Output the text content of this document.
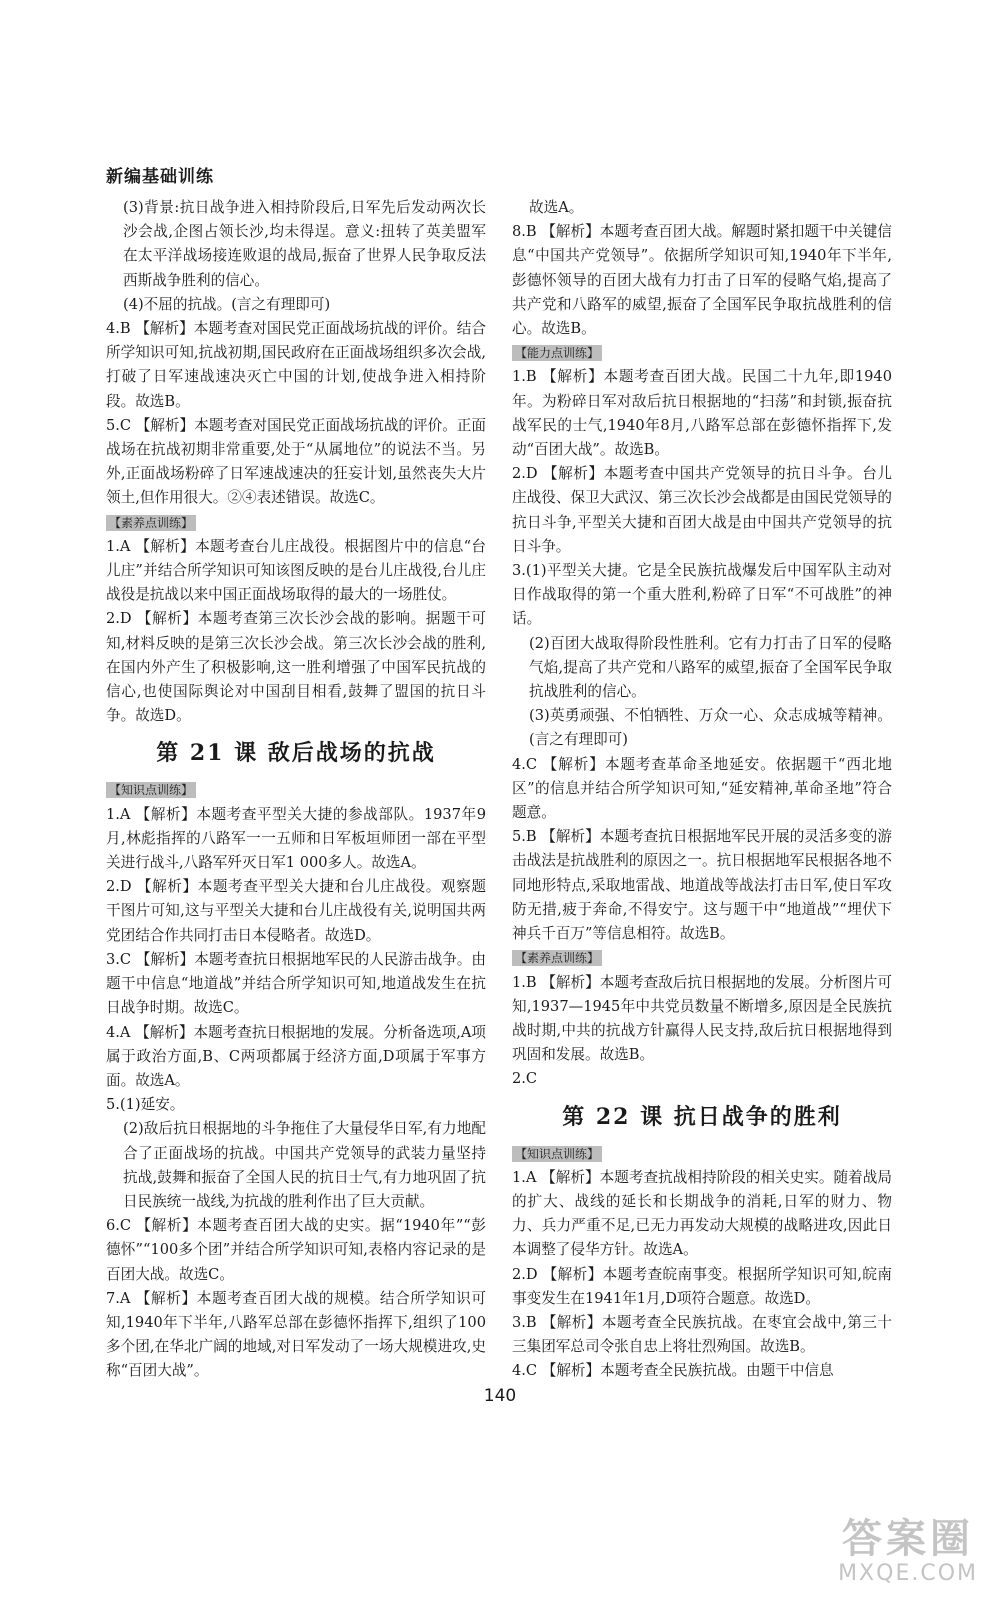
新编基础训练

(3)背景:抗日战争进入相持阶段后,日军先后发动两次长沙会战,企图占领长沙,均未得逞。意义:扭转了英美盟军在太平洋战场接连败退的战局,振奋了世界人民争取反法西斯战争胜利的信心。

(4)不屈的抗战。(言之有理即可)

4.B 【解析】本题考查对国民党正面战场抗战的评价。结合所学知识可知,抗战初期,国民政府在正面战场组织多次会战,打破了日军速战速决灭亡中国的计划,使战争进入相持阶段。故选B。

5.C 【解析】本题考查对国民党正面战场抗战的评价。正面战场在抗战初期非常重要,处于“从属地位”的说法不当。另外,正面战场粉碎了日军速战速决的狂妄计划,虽然丧失大片领土,但作用很大。②④表述错误。故选C。

【素养点训练】

1.A 【解析】本题考查台儿庄战役。根据图片中的信息“台儿庄”并结合所学知识可知该图反映的是台儿庄战役,台儿庄战役是抗战以来中国正面战场取得的最大的一场胜仗。

2.D 【解析】本题考查第三次长沙会战的影响。据题干可知,材料反映的是第三次长沙会战。第三次长沙会战的胜利,在国内外产生了积极影响,这一胜利增强了中国军民抗战的信心,也使国际舆论对中国刮目相看,鼓舞了盟国的抗日斗争。故选D。

第 21 课 敌后战场的抗战
【知识点训练】

1.A 【解析】本题考查平型关大捷的参战部队。1937年9月,林彪指挥的八路军一一五师和日军板垣师团一部在平型关进行战斗,八路军歼灭日军1 000多人。故选A。

2.D 【解析】本题考查平型关大捷和台儿庄战役。观察题干图片可知,这与平型关大捷和台儿庄战役有关,说明国共两党团结合作共同打击日本侵略者。故选D。

3.C 【解析】本题考查抗日根据地军民的人民游击战争。由题干中信息“地道战”并结合所学知识可知,地道战发生在抗日战争时期。故选C。

4.A 【解析】本题考查抗日根据地的发展。分析备选项,A项属于政治方面,B、C两项都属于经济方面,D项属于军事方面。故选A。

5.(1)延安。

(2)敌后抗日根据地的斗争拖住了大量侵华日军,有力地配合了正面战场的抗战。中国共产党领导的武装力量坚持抗战,鼓舞和振奋了全国人民的抗日士气,有力地巩固了抗日民族统一战线,为抗战的胜利作出了巨大贡献。

6.C 【解析】本题考查百团大战的史实。据“1940年”“彭德怀”“100多个团”并结合所学知识可知,表格内容记录的是百团大战。故选C。

7.A 【解析】本题考查百团大战的规模。结合所学知识可知,1940年下半年,八路军总部在彭德怀指挥下,组织了100多个团,在华北广阔的地域,对日军发动了一场大规模进攻,史称“百团大战”。

故选A。

8.B 【解析】本题考查百团大战。解题时紧扣题干中关键信息“中国共产党领导”。依据所学知识可知,1940年下半年,彭德怀领导的百团大战有力打击了日军的侵略气焰,提高了共产党和八路军的威望,振奋了全国军民争取抗战胜利的信心。故选B。

【能力点训练】

1.B 【解析】本题考查百团大战。民国二十九年,即1940年。为粉碎日军对敌后抗日根据地的“扫荡”和封锁,振奋抗战军民的士气,1940年8月,八路军总部在彭德怀指挥下,发动“百团大战”。故选B。

2.D 【解析】本题考查中国共产党领导的抗日斗争。台儿庄战役、保卫大武汉、第三次长沙会战都是由国民党领导的抗日斗争,平型关大捷和百团大战是由中国共产党领导的抗日斗争。

3.(1)平型关大捷。它是全民族抗战爆发后中国军队主动对日作战取得的第一个重大胜利,粉碎了日军“不可战胜”的神话。

(2)百团大战取得阶段性胜利。它有力打击了日军的侵略气焰,提高了共产党和八路军的威望,振奋了全国军民争取抗战胜利的信心。

(3)英勇顽强、不怕牺牲、万众一心、众志成城等精神。(言之有理即可)

4.C 【解析】本题考查革命圣地延安。依据题干“西北地区”的信息并结合所学知识可知,“延安精神,革命圣地”符合题意。

5.B 【解析】本题考查抗日根据地军民开展的灵活多变的游击战法是抗战胜利的原因之一。抗日根据地军民根据各地不同地形特点,采取地雷战、地道战等战法打击日军,使日军攻防无措,疲于奔命,不得安宁。这与题干中“地道战”“埋伏下神兵千百万”等信息相符。故选B。

【素养点训练】

1.B 【解析】本题考查敌后抗日根据地的发展。分析图片可知,1937—1945年中共党员数量不断增多,原因是全民族抗战时期,中共的抗战方针赢得人民支持,敌后抗日根据地得到巩固和发展。故选B。

2.C

第 22 课 抗日战争的胜利
【知识点训练】

1.A 【解析】本题考查抗战相持阶段的相关史实。随着战局的扩大、战线的延长和长期战争的消耗,日军的财力、物力、兵力严重不足,已无力再发动大规模的战略进攻,因此日本调整了侵华方针。故选A。

2.D 【解析】本题考查皖南事变。根据所学知识可知,皖南事变发生在1941年1月,D项符合题意。故选D。

3.B 【解析】本题考查全民族抗战。在枣宜会战中,第三十三集团军总司令张自忠上将壮烈殉国。故选B。

4.C 【解析】本题考查全民族抗战。由题干中信息

140
答案圈
MXQE.COM
